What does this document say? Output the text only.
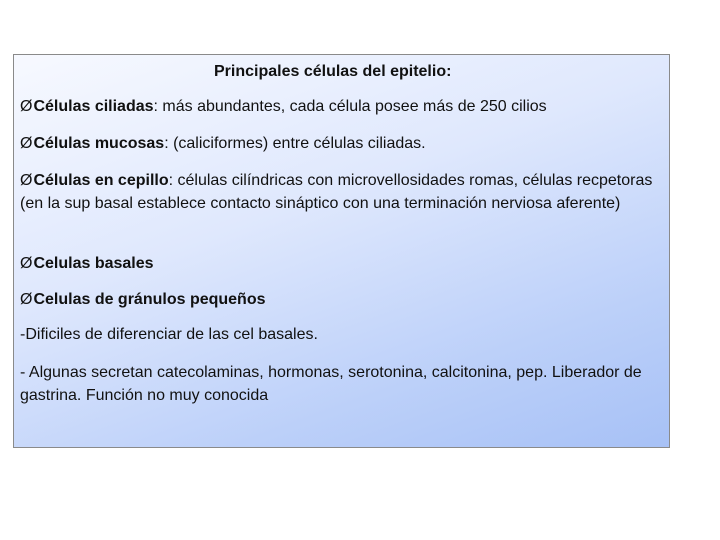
Principales células del epitelio:
ØCélulas ciliadas: más abundantes, cada célula posee más de 250 cilios
ØCélulas mucosas: (caliciformes) entre células ciliadas.
ØCélulas en cepillo: células cilíndricas con microvellosidades romas, células recpetoras (en la sup basal establece contacto sináptico con una terminación nerviosa aferente)
ØCelulas basales
ØCelulas de gránulos pequeños
-Dificiles de diferenciar de las cel basales.
- Algunas secretan catecolaminas, hormonas, serotonina, calcitonina, pep. Liberador de gastrina. Función no muy conocida
